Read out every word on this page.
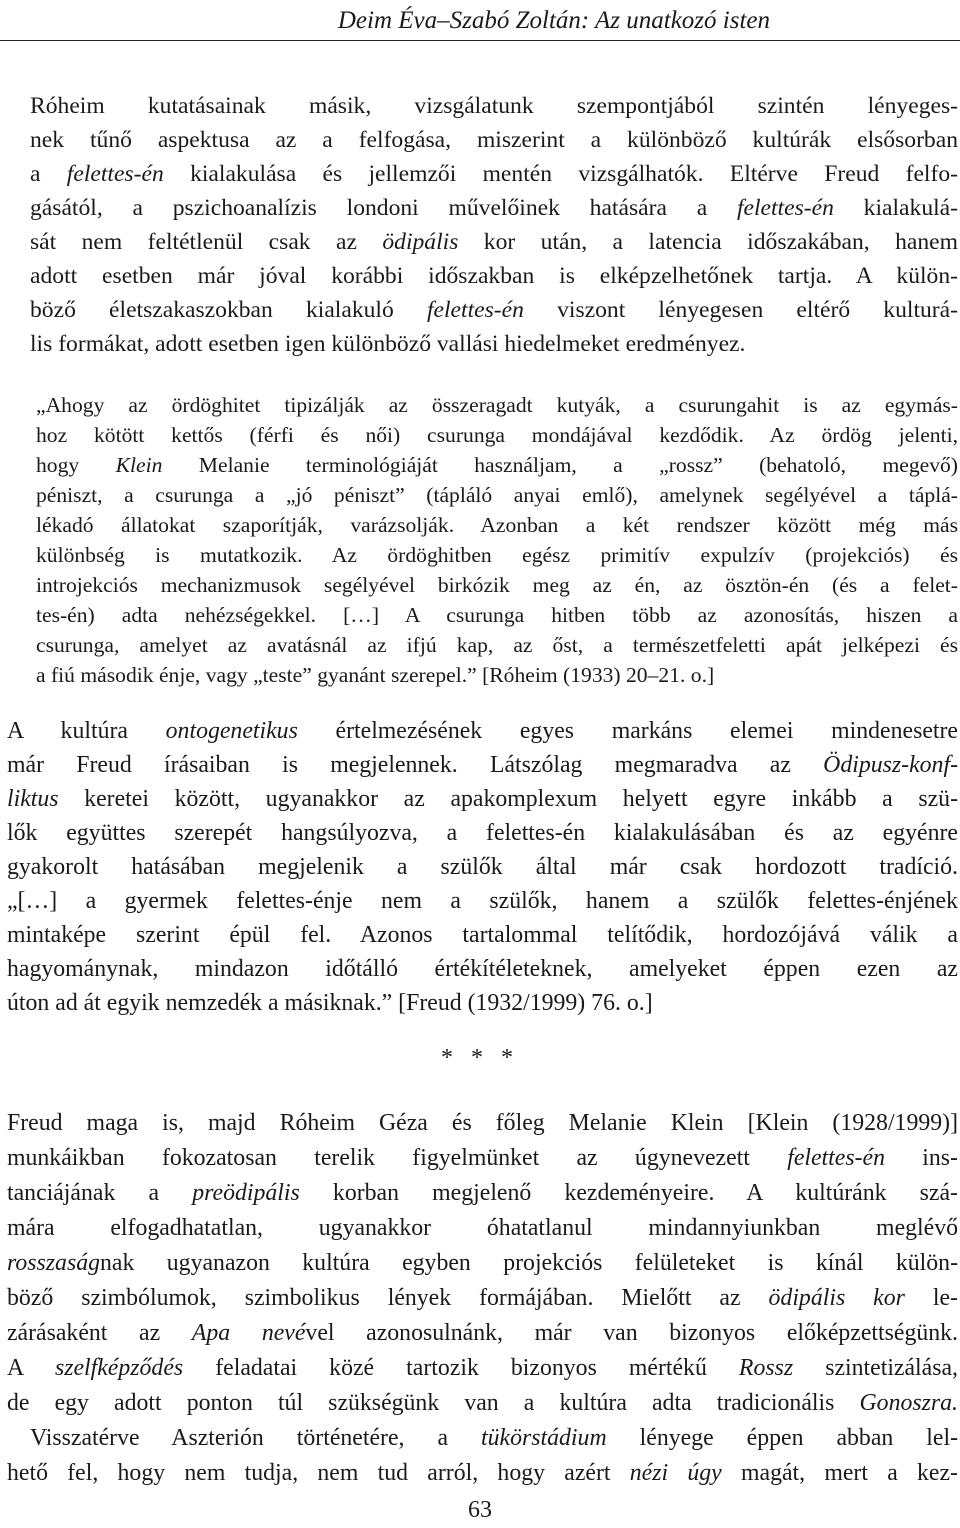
Deim Éva–Szabó Zoltán: Az unatkozó isten
Róheim kutatásainak másik, vizsgálatunk szempontjából szintén lényeges-
nek tűnő aspektusa az a felfogása, miszerint a különböző kultúrák elsősorban
a felettes-én kialakulása és jellemzői mentén vizsgálhatók. Eltérve Freud felfo-
gásától, a pszichoanalízis londoni művelőinek hatására a felettes-én kialakulá-
sát nem feltétlenül csak az ödipális kor után, a latencia időszakában, hanem
adott esetben már jóval korábbi időszakban is elképzelhetőnek tartja. A külön-
böző életszakaszokban kialakuló felettes-én viszont lényegesen eltérő kulturá-
lis formákat, adott esetben igen különböző vallási hiedelmeket eredményez.
„Ahogy az ördöghitet tipizálják az összeragadt kutyák, a csurungahit is az egymás-
hoz kötött kettős (férfi és női) csurunga mondájával kezdődik. Az ördög jelenti,
hogy Klein Melanie terminológiáját használjam, a „rossz” (behatoló, megevő)
péniszt, a csurunga a „jó péniszt” (tápláló anyai emlő), amelynek segélyével a táplá-
lékadó állatokat szaporítják, varázsolják. Azonban a két rendszer között még más
különbség is mutatkozik. Az ördöghitben egész primitív expulzív (projekciós) és
introjekciós mechanizmusok segélyével birkózik meg az én, az ösztön-én (és a felet-
tes-én) adta nehézségekkel. […] A csurunga hitben több az azonosítás, hiszen a
csurunga, amelyet az avatásnál az ifjú kap, az őst, a természetfeletti apát jelképezi és
a fiú második énje, vagy „teste” gyanánt szerepel.” [Róheim (1933) 20–21. o.]
A kultúra ontogenetikus értelmezésének egyes markáns elemei mindenesetre
már Freud írásaiban is megjelennek. Látszólag megmaradva az Ödipusz-konf-
liktus keretei között, ugyanakkor az apakomplexum helyett egyre inkább a szü-
lők együttes szerepét hangsúlyozva, a felettes-én kialakulásában és az egyénre
gyakorolt hatásában megjelenik a szülők által már csak hordozott tradíció.
„[…] a gyermek felettes-énje nem a szülők, hanem a szülők felettes-énjének
mintaképe szerint épül fel. Azonos tartalommal telítődik, hordozójává válik a
hagyománynak, mindazon időtálló értékítéleteknek, amelyeket éppen ezen az
úton ad át egyik nemzedék a másiknak.” [Freud (1932/1999) 76. o.]
* * *
Freud maga is, majd Róheim Géza és főleg Melanie Klein [Klein (1928/1999)]
munkáikban fokozatosan terelik figyelmünket az úgynevezett felettes-én ins-
tanciájának a preödipális korban megjelenő kezdeményeire. A kultúránk szá-
mára elfogadhatatlan, ugyanakkor óhatatlanul mindannyiunkban meglévő
rosszaságnak ugyanazon kultúra egyben projekciós felületeket is kínál külön-
böző szimbólumok, szimbolikus lények formájában. Mielőtt az ödipális kor le-
zárásaként az Apa nevével azonosulnánk, már van bizonyos előképzettségünk.
A szelfképződés feladatai közé tartozik bizonyos mértékű Rossz szintetizálása,
de egy adott ponton túl szükségünk van a kultúra adta tradicionális Gonoszra.
Visszatérve Aszterión történetére, a tükörstádium lényege éppen abban lel-
hető fel, hogy nem tudja, nem tud arról, hogy azért nézi úgy magát, mert a kez-
63
